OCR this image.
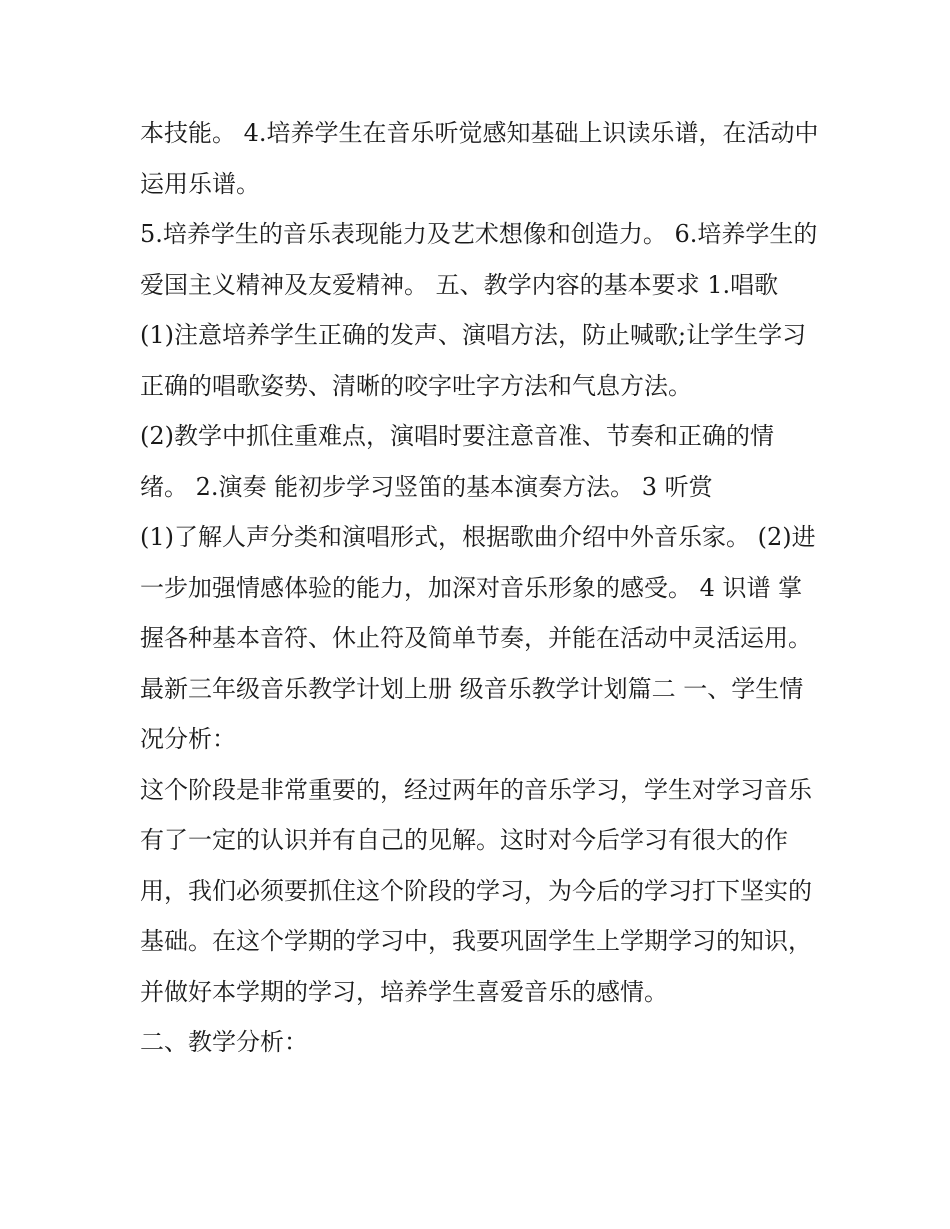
本技能。 4.培养学生在音乐听觉感知基础上识读乐谱，在活动中运用乐谱。

5.培养学生的音乐表现能力及艺术想像和创造力。 6.培养学生的爱国主义精神及友爱精神。 五、教学内容的基本要求 1.唱歌

(1)注意培养学生正确的发声、演唱方法，防止喊歌;让学生学习正确的唱歌姿势、清晰的咬字吐字方法和气息方法。

(2)教学中抓住重难点，演唱时要注意音准、节奏和正确的情绪。 2.演奏 能初步学习竖笛的基本演奏方法。 3 听赏

(1)了解人声分类和演唱形式，根据歌曲介绍中外音乐家。 (2)进一步加强情感体验的能力，加深对音乐形象的感受。 4 识谱 掌握各种基本音符、休止符及简单节奏，并能在活动中灵活运用。 最新三年级音乐教学计划上册 级音乐教学计划篇二 一、学生情况分析：

这个阶段是非常重要的，经过两年的音乐学习，学生对学习音乐有了一定的认识并有自己的见解。这时对今后学习有很大的作用，我们必须要抓住这个阶段的学习，为今后的学习打下坚实的基础。在这个学期的学习中，我要巩固学生上学期学习的知识，并做好本学期的学习，培养学生喜爱音乐的感情。

二、教学分析：
